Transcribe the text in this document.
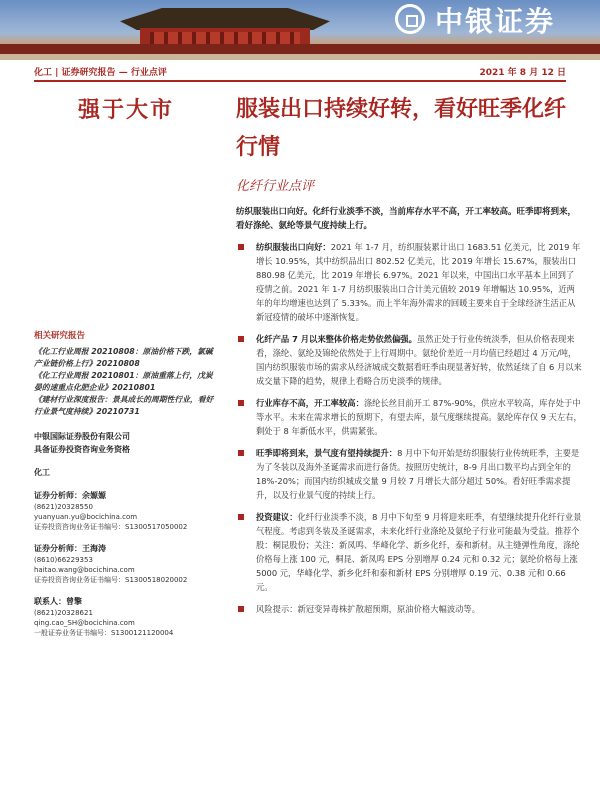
中银证券
化工 | 证券研究报告 — 行业点评	2021 年 8 月 12 日
强于大市	服装出口持续好转，看好旺季化纤行情
化纤行业点评
纺织服装出口向好。化纤行业淡季不淡，当前库存水平不高，开工率较高。旺季即将到来，看好涤纶、氨纶等景气度持续上行。
纺织服装出口向好：2021 年 1-7 月，纺织服装累计出口 1683.51 亿美元，比 2019 年增长 10.95%，其中纺织品出口 802.52 亿美元，比 2019 年增长 15.67%，服装出口 880.98 亿美元，比 2019 年增长 6.97%。2021 年以来，中国出口水平基本上回到了疫情之前。2021 年 1-7 月纺织服装出口合计美元值较 2019 年增幅达 10.95%，近两年的年均增速也达到了 5.33%。而上半年海外需求的回暖主要来自于全球经济生活正从新冠疫情的破坏中逐渐恢复。
化纤产品 7 月以来整体价格走势依然偏强。虽然正处于行业传统淡季，但从价格表现来看，涤纶、氨纶及锦纶依然处于上行周期中。氨纶价差近一月均值已经超过 4 万元/吨，国内纺织服装市场的需求从经济城成交数据看旺季由现显著好转，依然延续了自 6 月以来成交量下降的趋势，规律上看略合历史淡季的规律。
行业库存不高，开工率较高：涤纶长丝目前开工 87%-90%，供应水平较高，库存处于中等水平。未来在需求增长的预期下，有望去库，景气度继续提高。氨纶库存仅 9 天左右，剩处于 8 年新低水平，供需紧张。
旺季即将到来，景气度有望持续提升：8 月中下旬开始是纺织服装行业传统旺季，主要是为了冬装以及海外圣诞需求而进行备货。按照历史统计，8-9 月出口数平均占到全年的 18%-20%；而国内纺织城成交量 9 月较 7 月增长大部分超过 50%。看好旺季需求提升，以及行业景气度的持续上行。
投资建议：化纤行业淡季不淡，8 月中下旬至 9 月将迎来旺季，有望继续提升化纤行业景气程度。考虑到冬装及圣诞需求，未来化纤行业涤纶及氨纶子行业可能最为受益。推荐个股：桐昆股份；关注：新凤鸣、华峰化学、新乡化纤，泰和新材。从主缝弹性角度，涤纶价格每上涨 100 元，桐昆、新凤鸣 EPS 分别增厚 0.24 元和 0.32 元；氨纶价格每上涨 5000 元，华峰化学、新乡化纤和泰和新材 EPS 分别增厚 0.19 元、0.38 元和 0.66 元。
风险提示：新冠变异毒株扩散超预期，原油价格大幅波动等。
相关研究报告
《化工行业周报 20210808：原油价格下跌，氯碱产业链价格上行》20210808
《化工行业周报 20210801：原油重落上行，戊炭晏的速重点化肥企业》20210801
《建材行业深度报告：景具成长的周期性行业，看好行业景气度持续》20210731
中银国际证券股份有限公司
具备证券投资咨询业务资格
化工
证券分析师：余嫄嫄
(8621)20328550
yuanyuan.yu@bocichina.com
证券投资咨询业务证书编号：S1300517050002
证券分析师：王海涛
(8610)66229353
haitao.wang@bocichina.com
证券投资咨询业务证书编号：S1300518020002
联系人：曾擎
(8621)20328621
qing.cao_SH@bocichina.com
一般证券业务证书编号：S1300121120004
